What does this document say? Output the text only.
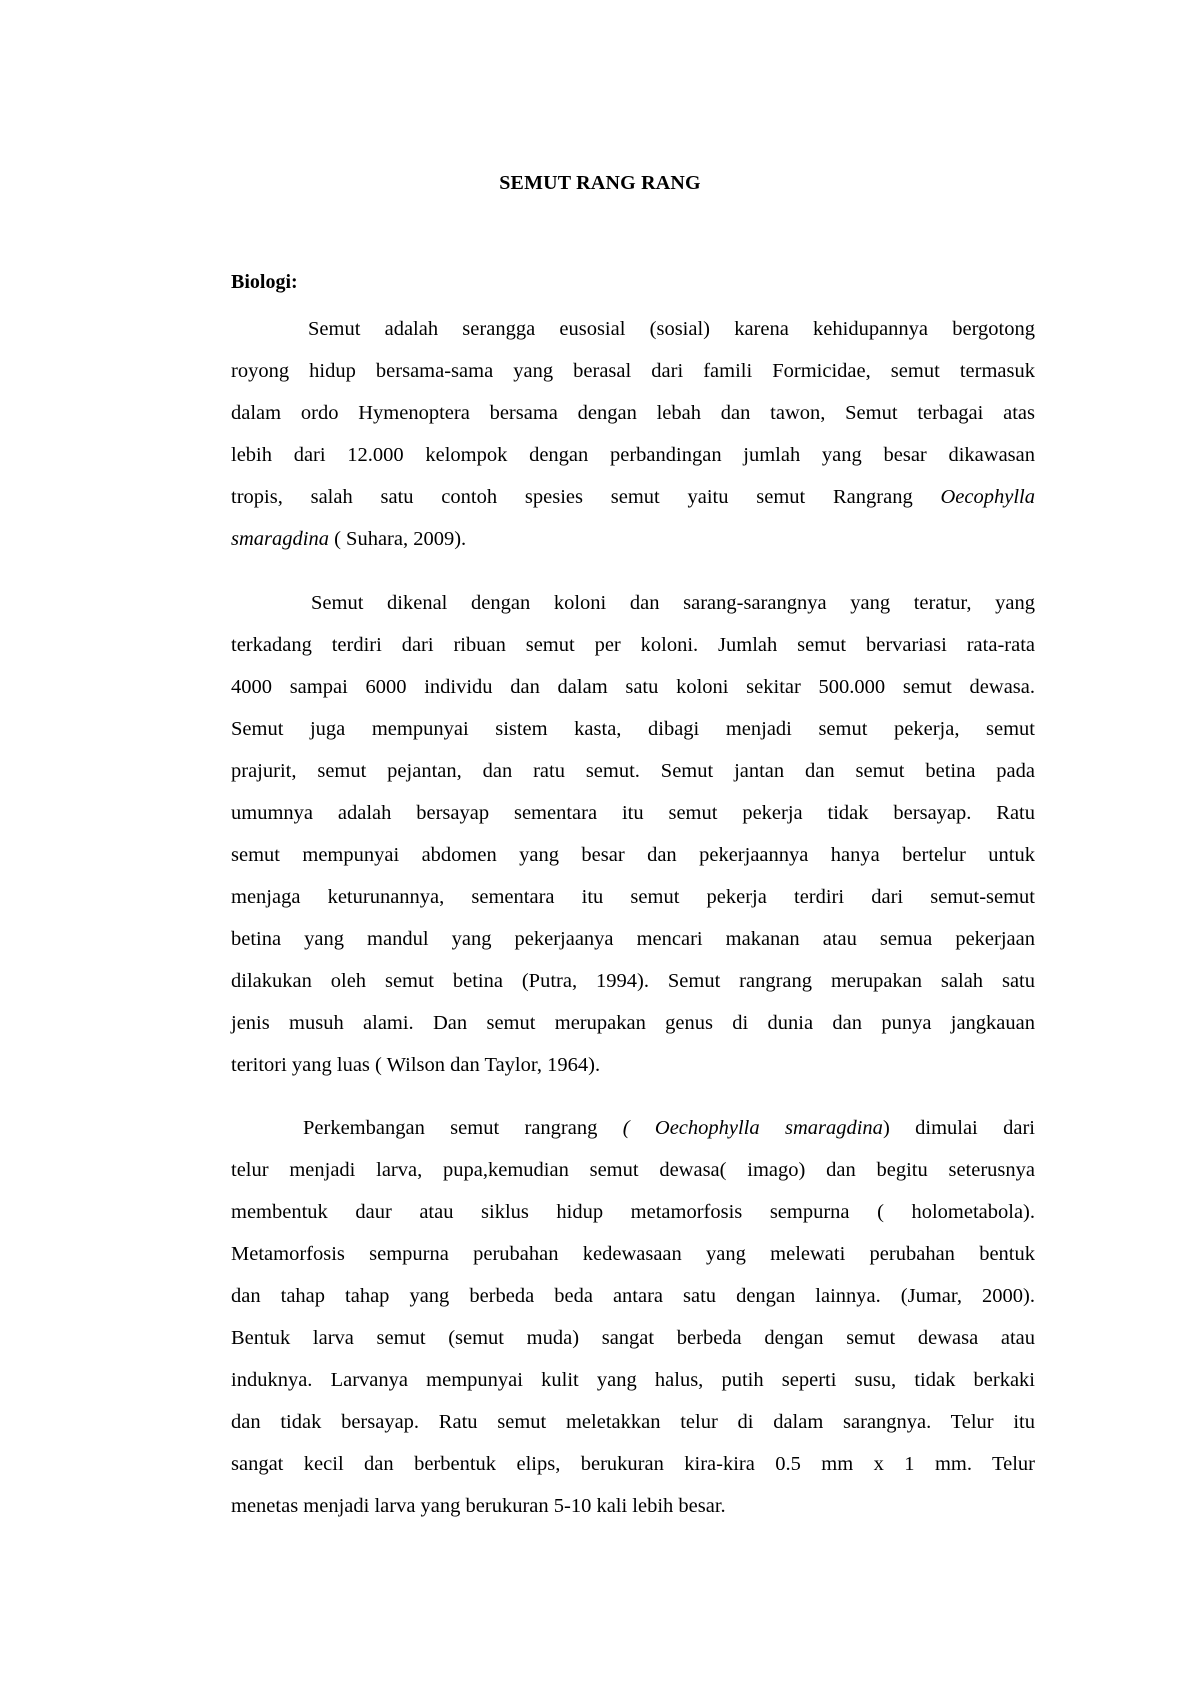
SEMUT RANG RANG
Biologi:
Semut adalah serangga eusosial (sosial) karena kehidupannya bergotong
royong hidup bersama-sama yang berasal dari famili Formicidae, semut termasuk
dalam ordo Hymenoptera bersama dengan lebah dan tawon, Semut terbagai atas
lebih dari 12.000 kelompok dengan perbandingan jumlah yang besar dikawasan
tropis, salah satu contoh spesies semut yaitu semut Rangrang Oecophylla
smaragdina ( Suhara, 2009).
Semut dikenal dengan koloni dan sarang-sarangnya yang teratur, yang
terkadang terdiri dari ribuan semut per koloni. Jumlah semut bervariasi rata-rata
4000 sampai 6000 individu dan dalam satu koloni sekitar 500.000 semut dewasa.
Semut juga mempunyai sistem kasta, dibagi menjadi semut pekerja, semut
prajurit, semut pejantan, dan ratu semut. Semut jantan dan semut betina pada
umumnya adalah bersayap sementara itu semut pekerja tidak bersayap. Ratu
semut mempunyai abdomen yang besar dan pekerjaannya hanya bertelur untuk
menjaga keturunannya, sementara itu semut pekerja terdiri dari semut-semut
betina yang mandul yang pekerjaanya mencari makanan atau semua pekerjaan
dilakukan oleh semut betina (Putra, 1994). Semut rangrang merupakan salah satu
jenis musuh alami. Dan semut merupakan genus di dunia dan punya jangkauan
teritori yang luas ( Wilson dan Taylor, 1964).
Perkembangan semut rangrang ( Oechophylla smaragdina) dimulai dari
telur menjadi larva, pupa,kemudian semut dewasa( imago) dan begitu seterusnya
membentuk daur atau siklus hidup metamorfosis sempurna ( holometabola).
Metamorfosis sempurna perubahan kedewasaan yang melewati perubahan bentuk
dan tahap tahap yang berbeda beda antara satu dengan lainnya. (Jumar, 2000).
Bentuk larva semut (semut muda) sangat berbeda dengan semut dewasa atau
induknya. Larvanya mempunyai kulit yang halus, putih seperti susu, tidak berkaki
dan tidak bersayap. Ratu semut meletakkan telur di dalam sarangnya. Telur itu
sangat kecil dan berbentuk elips, berukuran kira-kira 0.5 mm x 1 mm. Telur
menetas menjadi larva yang berukuran 5-10 kali lebih besar.
